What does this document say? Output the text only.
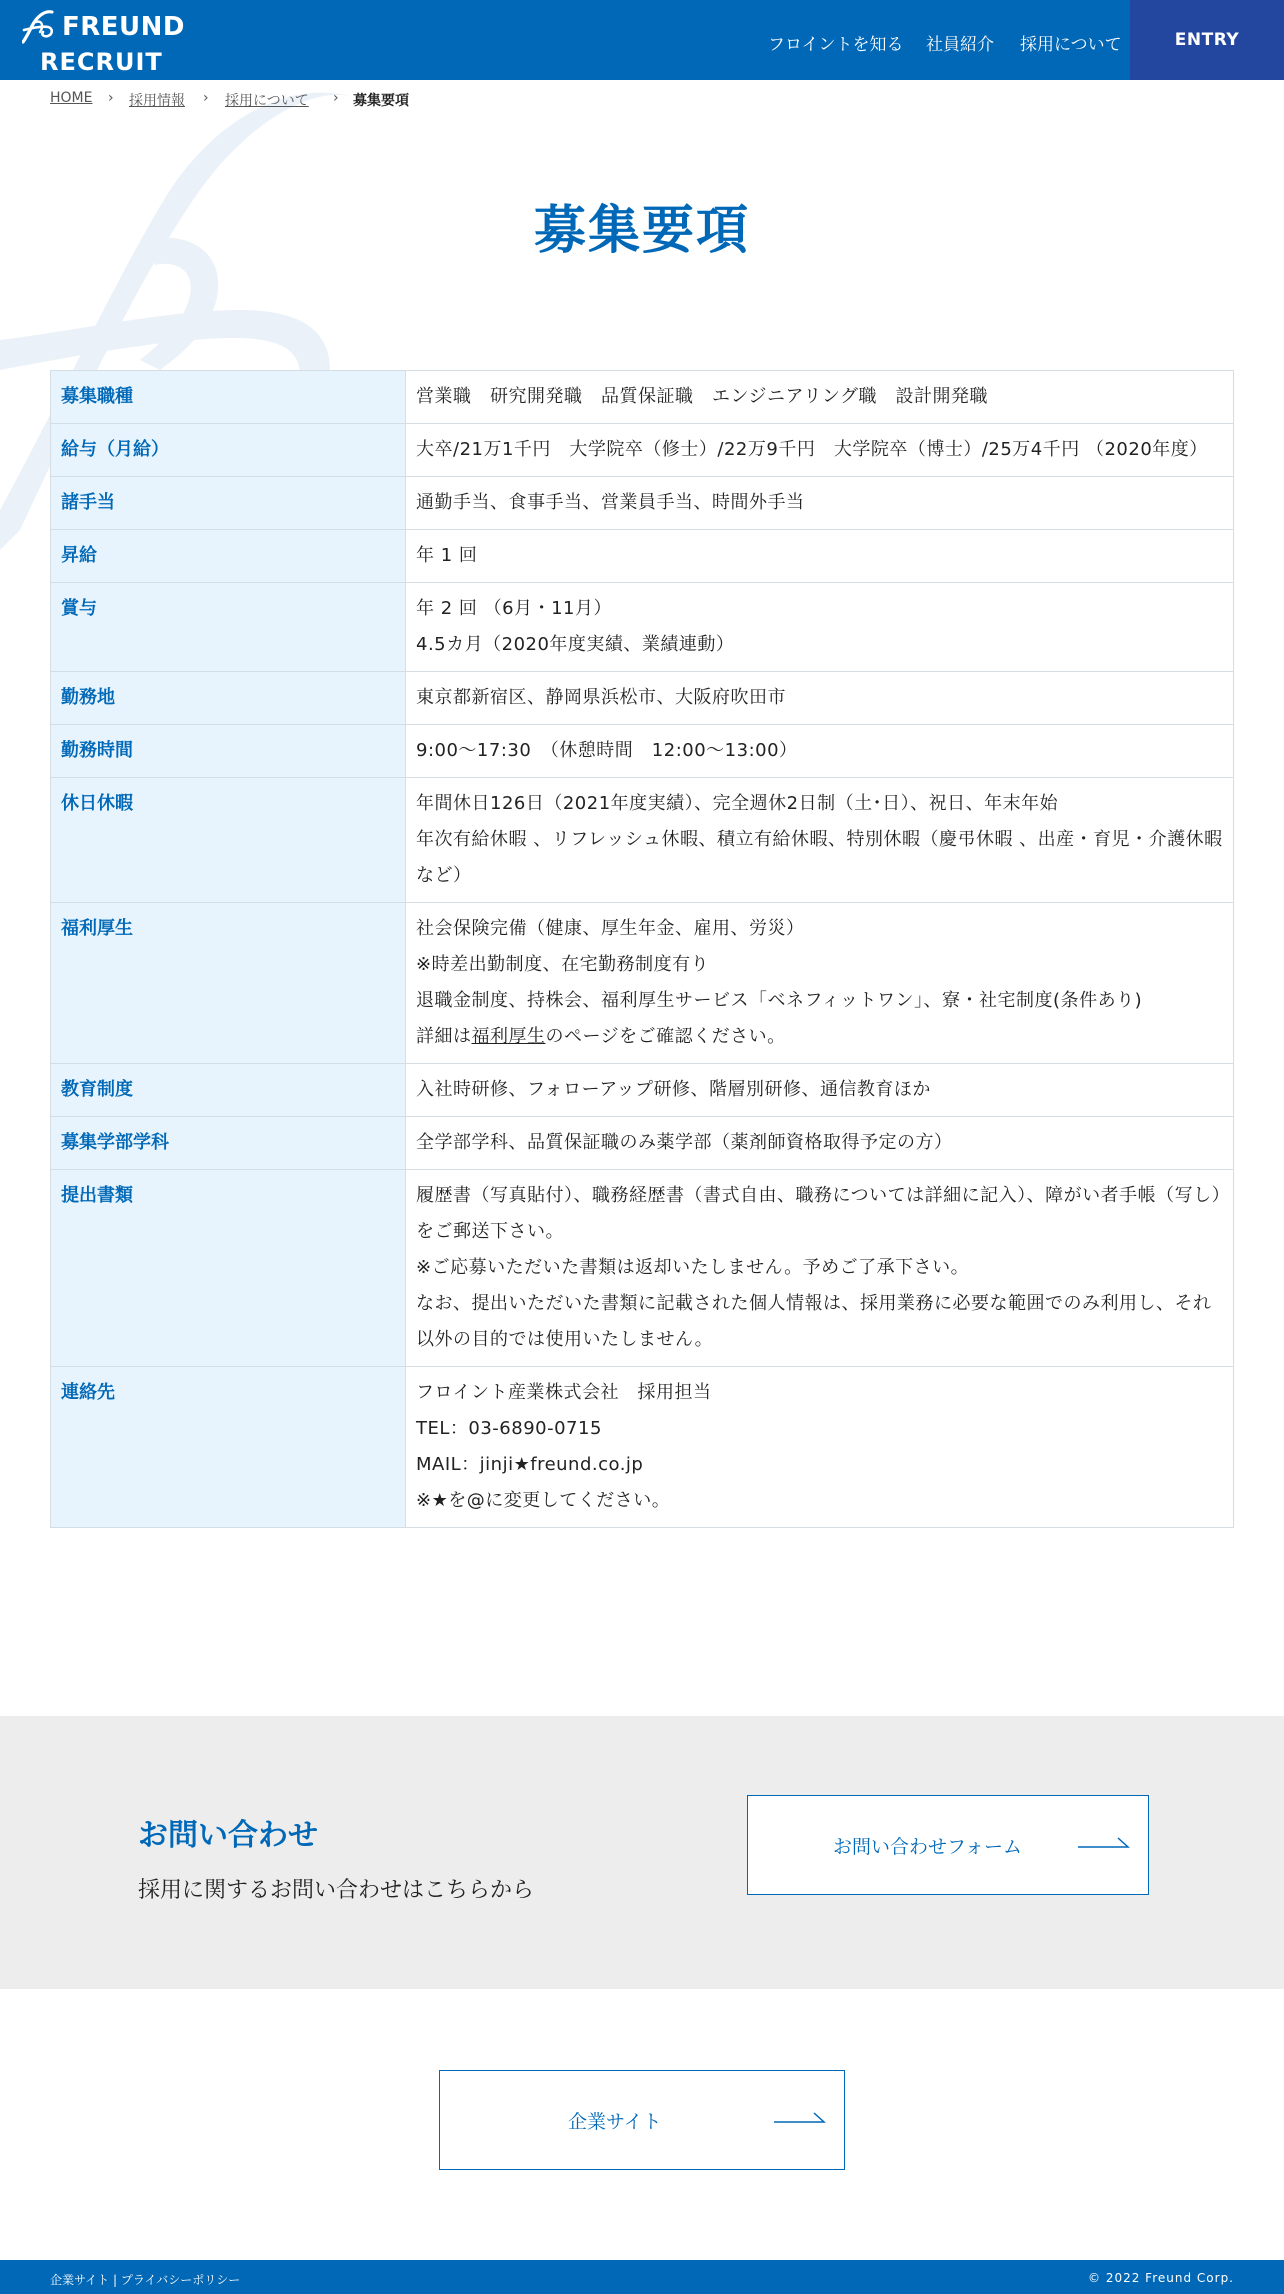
FREUND
RECRUIT
フロイントを知る 社員紹介 採用について	ENTRY
HOME › 採用情報 › 採用について › 募集要項
募集要項
募集職種	営業職　研究開発職　品質保証職　エンジニアリング職　設計開発職

給与（月給）	大卒/21万1千円　大学院卒（修士）/22万9千円　大学院卒（博士）/25万4千円 （2020年度）

諸手当	通勤手当、食事手当、営業員手当、時間外手当

昇給	年 1 回

賞与	年 2 回 （6月・11月）
4.5カ月（2020年度実績、業績連動）

勤務地	東京都新宿区、静岡県浜松市、大阪府吹田市

勤務時間	9:00〜17:30　（休憩時間　12:00〜13:00）

休日休暇	年間休日126日（2021年度実績）、完全週休2日制（土･日）、祝日、年末年始
年次有給休暇 、リフレッシュ休暇、積立有給休暇、特別休暇（慶弔休暇 、出産・育児・介護休暇など）

福利厚生	社会保険完備（健康、厚生年金、雇用、労災）
※時差出勤制度、在宅勤務制度有り
退職金制度、持株会、福利厚生サービス「ベネフィットワン」、寮・社宅制度(条件あり)
詳細は福利厚生のページをご確認ください。

教育制度	入社時研修、フォローアップ研修、階層別研修、通信教育ほか

募集学部学科	全学部学科、品質保証職のみ薬学部（薬剤師資格取得予定の方）

提出書類	履歴書（写真貼付）、職務経歴書（書式自由、職務については詳細に記入）、障がい者手帳（写し）をご郵送下さい。
※ご応募いただいた書類は返却いたしません。予めご了承下さい。
なお、提出いただいた書類に記載された個人情報は、採用業務に必要な範囲でのみ利用し、それ以外の目的では使用いたしません。

連絡先	フロイント産業株式会社　採用担当
TEL：03-6890-0715
MAIL：jinji★freund.co.jp
※★を@に変更してください。
お問い合わせ

採用に関するお問い合わせはこちらから

お問い合わせフォーム
企業サイト
企業サイト | プライバシーポリシー	© 2022 Freund Corp.
